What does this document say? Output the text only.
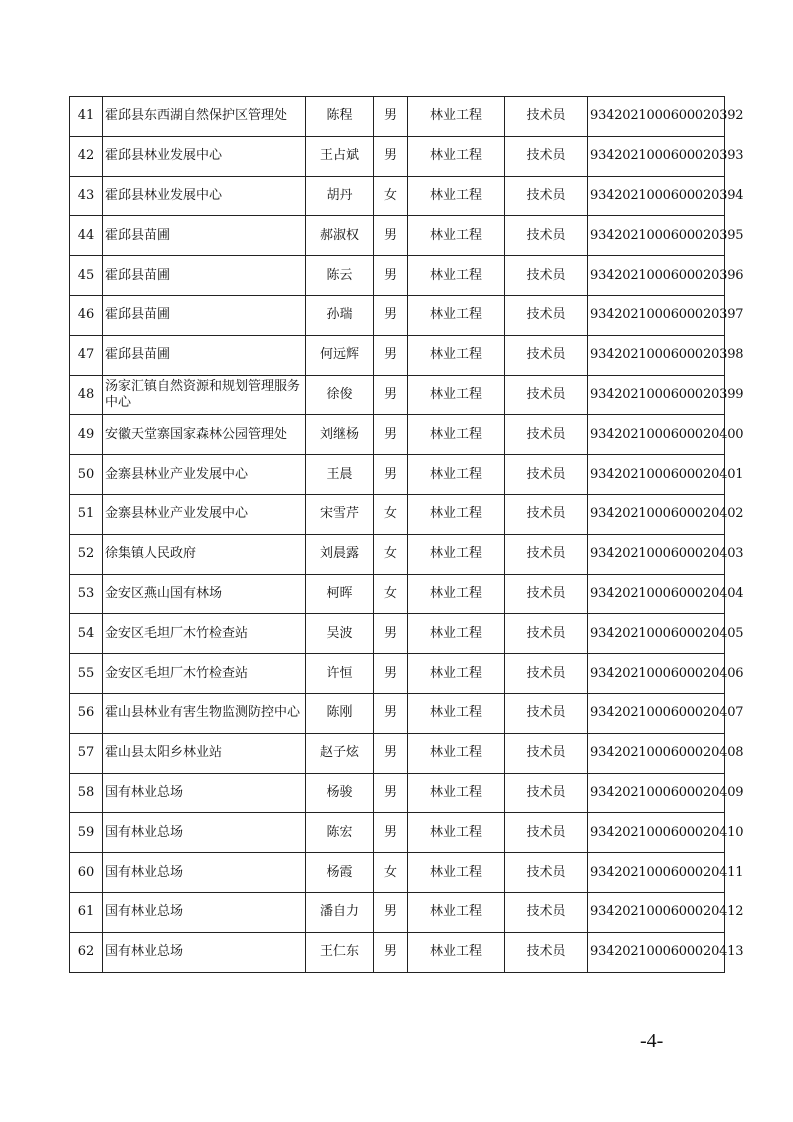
41	霍邱县东西湖自然保护区管理处	陈程	男	林业工程	技术员	9342021000600020392
42	霍邱县林业发展中心	王占斌	男	林业工程	技术员	9342021000600020393
43	霍邱县林业发展中心	胡丹	女	林业工程	技术员	9342021000600020394
44	霍邱县苗圃	郝淑权	男	林业工程	技术员	9342021000600020395
45	霍邱县苗圃	陈云	男	林业工程	技术员	9342021000600020396
46	霍邱县苗圃	孙瑞	男	林业工程	技术员	9342021000600020397
47	霍邱县苗圃	何远辉	男	林业工程	技术员	9342021000600020398
48	汤家汇镇自然资源和规划管理服务中心	徐俊	男	林业工程	技术员	9342021000600020399
49	安徽天堂寨国家森林公园管理处	刘继杨	男	林业工程	技术员	9342021000600020400
50	金寨县林业产业发展中心	王晨	男	林业工程	技术员	9342021000600020401
51	金寨县林业产业发展中心	宋雪芹	女	林业工程	技术员	9342021000600020402
52	徐集镇人民政府	刘晨露	女	林业工程	技术员	9342021000600020403
53	金安区燕山国有林场	柯晖	女	林业工程	技术员	9342021000600020404
54	金安区毛坦厂木竹检查站	吴波	男	林业工程	技术员	9342021000600020405
55	金安区毛坦厂木竹检查站	许恒	男	林业工程	技术员	9342021000600020406
56	霍山县林业有害生物监测防控中心	陈刚	男	林业工程	技术员	9342021000600020407
57	霍山县太阳乡林业站	赵子炫	男	林业工程	技术员	9342021000600020408
58	国有林业总场	杨骏	男	林业工程	技术员	9342021000600020409
59	国有林业总场	陈宏	男	林业工程	技术员	9342021000600020410
60	国有林业总场	杨霞	女	林业工程	技术员	9342021000600020411
61	国有林业总场	潘自力	男	林业工程	技术员	9342021000600020412
62	国有林业总场	王仁东	男	林业工程	技术员	9342021000600020413
-4-
